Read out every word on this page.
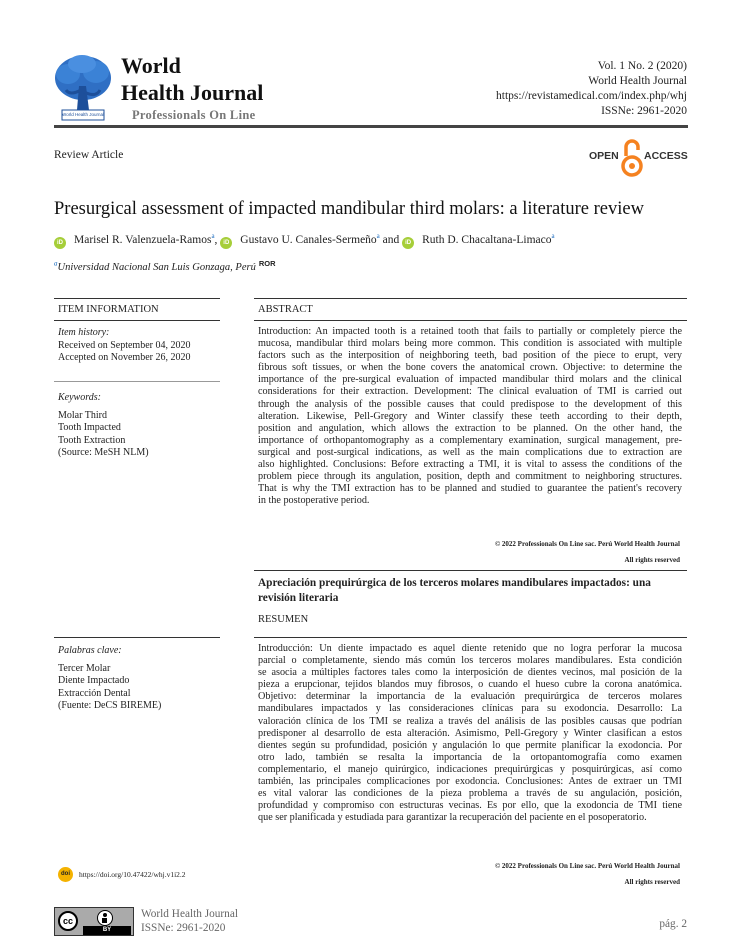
World Health Journal
World
Health Journal
Professionals On Line
Vol. 1 No. 2 (2020)
World Health Journal
https://revistamedical.com/index.php/whj
ISSNe: 2961-2020
Review Article	OPEN ACCESS
Presurgical assessment of impacted mandibular third molars: a literature review
iD Marisel R. Valenzuela-Ramos$^a$, iD Gustavo U. Canales-Sermeño$^a$ and iD Ruth D. Chacaltana-Limaco$^a$
$^a$Universidad Nacional San Luis Gonzaga, Perú $^{ROR}$
ITEM INFORMATION
Item history:
Received on September 04, 2020
Accepted on November 26, 2020
Keywords:
Molar Third
Tooth Impacted
Tooth Extraction
(Source: MeSH NLM)
Palabras clave:
Tercer Molar
Diente Impactado
Extracción Dental
(Fuente: DeCS BIREME)
ABSTRACT
Introduction: An impacted tooth is a retained tooth that fails to partially or completely pierce the
mucosa, mandibular third molars being more common. This condition is associated with multiple
factors such as the interposition of neighboring teeth, bad position of the piece to erupt, very
fibrous soft tissues, or when the bone covers the anatomical crown. Objective: to determine the
importance of the pre-surgical evaluation of impacted mandibular third molars and the clinical
considerations for their extraction. Development: The clinical evaluation of TMI is carried out
through the analysis of the possible causes that could predispose to the development of this
alteration. Likewise, Pell-Gregory and Winter classify these teeth according to their depth,
position and angulation, which allows the extraction to be planned. On the other hand, the
importance of orthopantomography as a complementary examination, surgical management, pre-
surgical and post-surgical indications, as well as the main complications due to extraction are
also highlighted. Conclusions: Before extracting a TMI, it is vital to assess the conditions of the
problem piece through its angulation, position, depth and commitment to neighboring structures.
That is why the TMI extraction has to be planned and studied to guarantee the patient's recovery
in the postoperative period.
© 2022 Professionals On Line sac. Perú World Health Journal
All rights reserved
Apreciación prequirúrgica de los terceros molares mandibulares impactados: una
revisión literaria
RESUMEN
Introducción: Un diente impactado es aquel diente retenido que no logra perforar la mucosa
parcial o completamente, siendo más común los terceros molares mandibulares. Esta condición
se asocia a múltiples factores tales como la interposición de dientes vecinos, mal posición de la
pieza a erupcionar, tejidos blandos muy fibrosos, o cuando el hueso cubre la corona anatómica.
Objetivo: determinar la importancia de la evaluación prequirúrgica de terceros molares
mandibulares impactados y las consideraciones clínicas para su exodoncia. Desarrollo: La
valoración clínica de los TMI se realiza a través del análisis de las posibles causas que podrían
predisponer al desarrollo de esta alteración. Asimismo, Pell-Gregory y Winter clasifican a estos
dientes según su profundidad, posición y angulación lo que permite planificar la exodoncia. Por
otro lado, también se resalta la importancia de la ortopantomografía como examen
complementario, el manejo quirúrgico, indicaciones prequirúrgicas y posquirúrgicas, así como
también, las principales complicaciones por exodoncia. Conclusiones: Antes de extraer un TMI
es vital valorar las condiciones de la pieza problema a través de su angulación, posición,
profundidad y compromiso con estructuras vecinas. Es por ello, que la exodoncia de TMI tiene
que ser planificada y estudiada para garantizar la recuperación del paciente en el posoperatorio.
© 2022 Professionals On Line sac. Perú World Health Journal
All rights reserved
doi https://doi.org/10.47422/whj.v1i2.2
cc
BY
World Health Journal
ISSNe: 2961-2020	pág. 2
